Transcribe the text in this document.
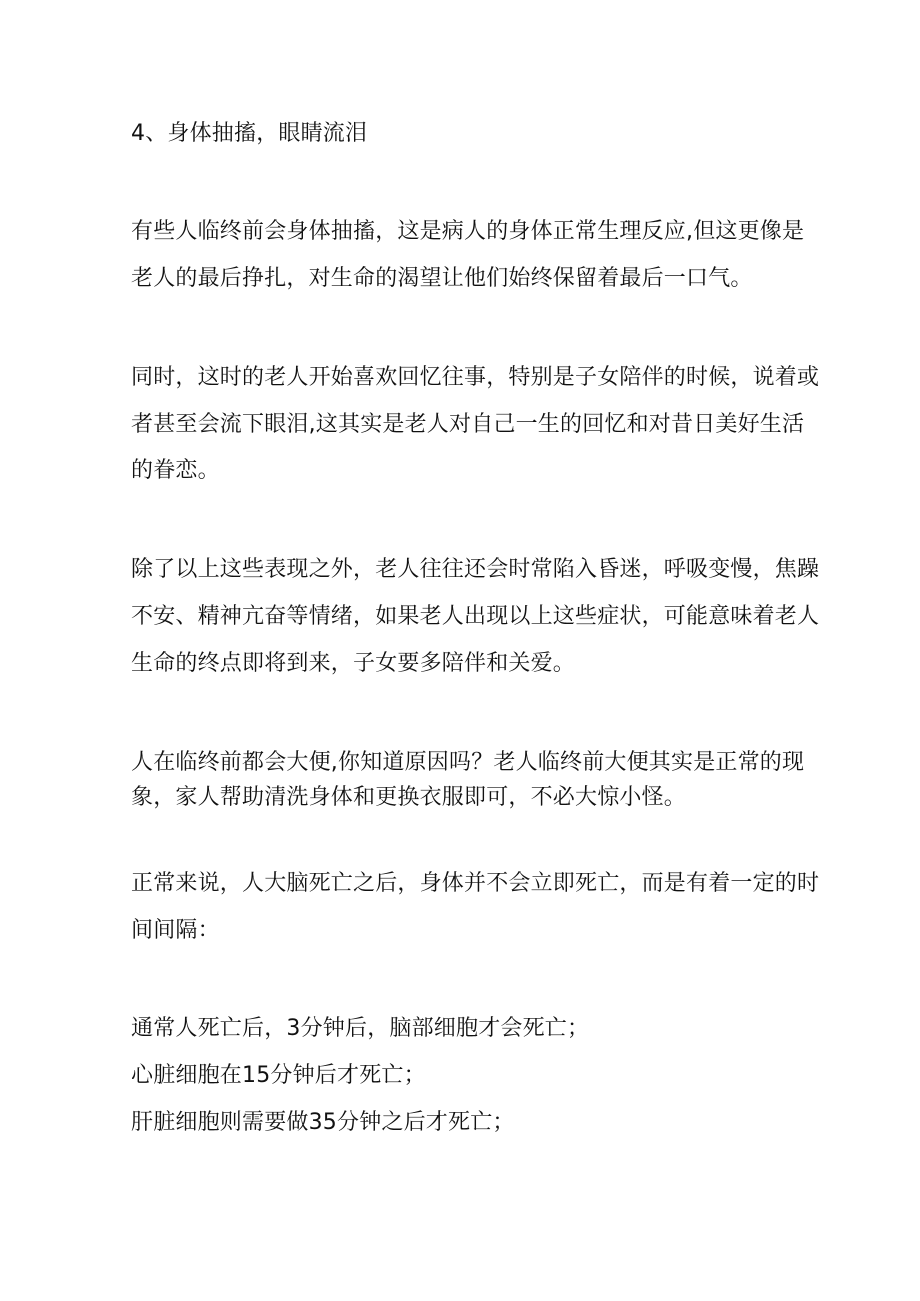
4、身体抽搐，眼睛流泪
有些人临终前会身体抽搐，这是病人的身体正常生理反应,但这更像是
老人的最后挣扎，对生命的渴望让他们始终保留着最后一口气。
同时，这时的老人开始喜欢回忆往事，特别是子女陪伴的时候，说着或
者甚至会流下眼泪,这其实是老人对自己一生的回忆和对昔日美好生活
的眷恋。
除了以上这些表现之外，老人往往还会时常陷入昏迷，呼吸变慢，焦躁
不安、精神亢奋等情绪，如果老人出现以上这些症状，可能意味着老人
生命的终点即将到来，子女要多陪伴和关爱。
人在临终前都会大便,你知道原因吗？老人临终前大便其实是正常的现
象，家人帮助清洗身体和更换衣服即可，不必大惊小怪。
正常来说，人大脑死亡之后，身体并不会立即死亡，而是有着一定的时
间间隔：
通常人死亡后，3分钟后，脑部细胞才会死亡；
心脏细胞在15分钟后才死亡；
肝脏细胞则需要做35分钟之后才死亡；
